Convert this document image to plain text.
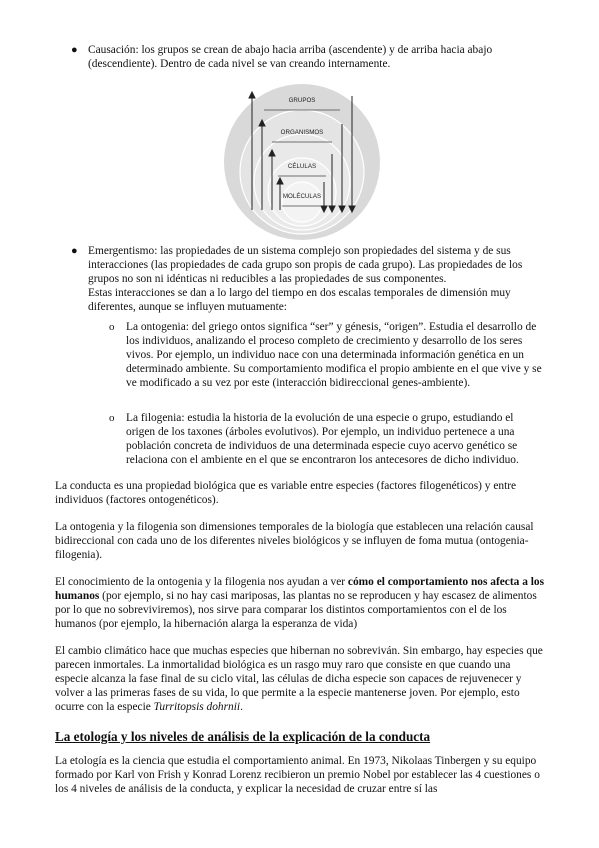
● Causación: los grupos se crean de abajo hacia arriba (ascendente) y de arriba hacia abajo (descendiente). Dentro de cada nivel se van creando internamente.
GRUPOS
ORGANISMOS
CÉLULAS
MOLÉCULAS
● Emergentismo: las propiedades de un sistema complejo son propiedades del sistema y de sus interacciones (las propiedades de cada grupo son propis de cada grupo). Las propiedades de los grupos no son ni idénticas ni reducibles a las propiedades de sus componentes.
Estas interacciones se dan a lo largo del tiempo en dos escalas temporales de dimensión muy diferentes, aunque se influyen mutuamente:
o La ontogenia: del griego ontos significa “ser” y génesis, “origen”. Estudia el desarrollo de los individuos, analizando el proceso completo de crecimiento y desarrollo de los seres vivos. Por ejemplo, un individuo nace con una determinada información genética en un determinado ambiente. Su comportamiento modifica el propio ambiente en el que vive y se ve modificado a su vez por este (interacción bidireccional genes-ambiente).
o La filogenia: estudia la historia de la evolución de una especie o grupo, estudiando el origen de los taxones (árboles evolutivos). Por ejemplo, un individuo pertenece a una población concreta de individuos de una determinada especie cuyo acervo genético se relaciona con el ambiente en el que se encontraron los antecesores de dicho individuo.
La conducta es una propiedad biológica que es variable entre especies (factores filogenéticos) y entre individuos (factores ontogenéticos).
La ontogenia y la filogenia son dimensiones temporales de la biología que establecen una relación causal bidireccional con cada uno de los diferentes niveles biológicos y se influyen de foma mutua (ontogenia-filogenia).
El conocimiento de la ontogenia y la filogenia nos ayudan a ver cómo el comportamiento nos afecta a los humanos (por ejemplo, si no hay casi mariposas, las plantas no se reproducen y hay escasez de alimentos por lo que no sobreviviremos), nos sirve para comparar los distintos comportamientos con el de los humanos (por ejemplo, la hibernación alarga la esperanza de vida)
El cambio climático hace que muchas especies que hibernan no sobreviván. Sin embargo, hay especies que parecen inmortales. La inmortalidad biológica es un rasgo muy raro que consiste en que cuando una especie alcanza la fase final de su ciclo vital, las células de dicha especie son capaces de rejuvenecer y volver a las primeras fases de su vida, lo que permite a la especie mantenerse joven. Por ejemplo, esto ocurre con la especie Turritopsis dohrnii.
La etología y los niveles de análisis de la explicación de la conducta
La etología es la ciencia que estudia el comportamiento animal. En 1973, Nikolaas Tinbergen y su equipo formado por Karl von Frish y Konrad Lorenz recibieron un premio Nobel por establecer las 4 cuestiones o los 4 niveles de análisis de la conducta, y explicar la necesidad de cruzar entre sí las
